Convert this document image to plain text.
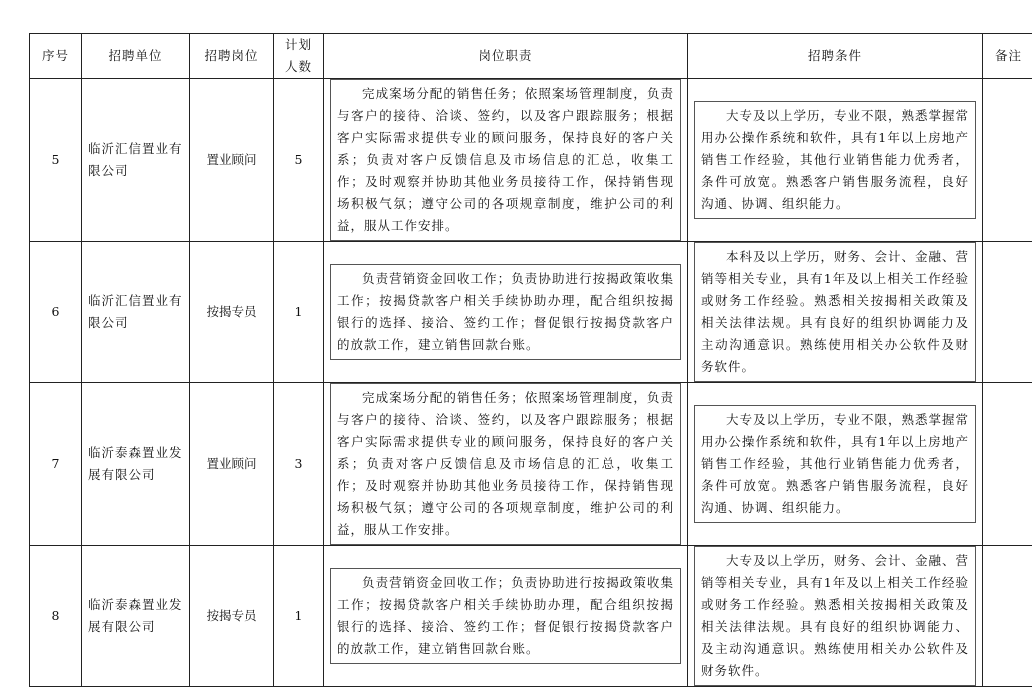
序号	招聘单位	招聘岗位	计划人数	岗位职责	招聘条件	备注
5	临沂汇信置业有限公司	置业顾问	5	完成案场分配的销售任务；依照案场管理制度，负责与客户的接待、洽谈、签约，以及客户跟踪服务；根据客户实际需求提供专业的顾问服务，保持良好的客户关系；负责对客户反馈信息及市场信息的汇总，收集工作；及时观察并协助其他业务员接待工作，保持销售现场积极气氛；遵守公司的各项规章制度，维护公司的利益，服从工作安排。	大专及以上学历，专业不限，熟悉掌握常用办公操作系统和软件，具有1年以上房地产销售工作经验，其他行业销售能力优秀者，条件可放宽。熟悉客户销售服务流程，良好沟通、协调、组织能力。	

6	临沂汇信置业有限公司	按揭专员	1	负责营销资金回收工作；负责协助进行按揭政策收集工作；按揭贷款客户相关手续协助办理，配合组织按揭银行的选择、接洽、签约工作；督促银行按揭贷款客户的放款工作，建立销售回款台账。	本科及以上学历，财务、会计、金融、营销等相关专业，具有1年及以上相关工作经验或财务工作经验。熟悉相关按揭相关政策及相关法律法规。具有良好的组织协调能力及主动沟通意识。熟练使用相关办公软件及财务软件。	

7	临沂泰森置业发展有限公司	置业顾问	3	完成案场分配的销售任务；依照案场管理制度，负责与客户的接待、洽谈、签约，以及客户跟踪服务；根据客户实际需求提供专业的顾问服务，保持良好的客户关系；负责对客户反馈信息及市场信息的汇总，收集工作；及时观察并协助其他业务员接待工作，保持销售现场积极气氛；遵守公司的各项规章制度，维护公司的利益，服从工作安排。	大专及以上学历，专业不限，熟悉掌握常用办公操作系统和软件，具有1年以上房地产销售工作经验，其他行业销售能力优秀者，条件可放宽。熟悉客户销售服务流程，良好沟通、协调、组织能力。	

8	临沂泰森置业发展有限公司	按揭专员	1	负责营销资金回收工作；负责协助进行按揭政策收集工作；按揭贷款客户相关手续协助办理，配合组织按揭银行的选择、接洽、签约工作；督促银行按揭贷款客户的放款工作，建立销售回款台账。	大专及以上学历，财务、会计、金融、营销等相关专业，具有1年及以上相关工作经验或财务工作经验。熟悉相关按揭相关政策及相关法律法规。具有良好的组织协调能力、及主动沟通意识。熟练使用相关办公软件及财务软件。	
